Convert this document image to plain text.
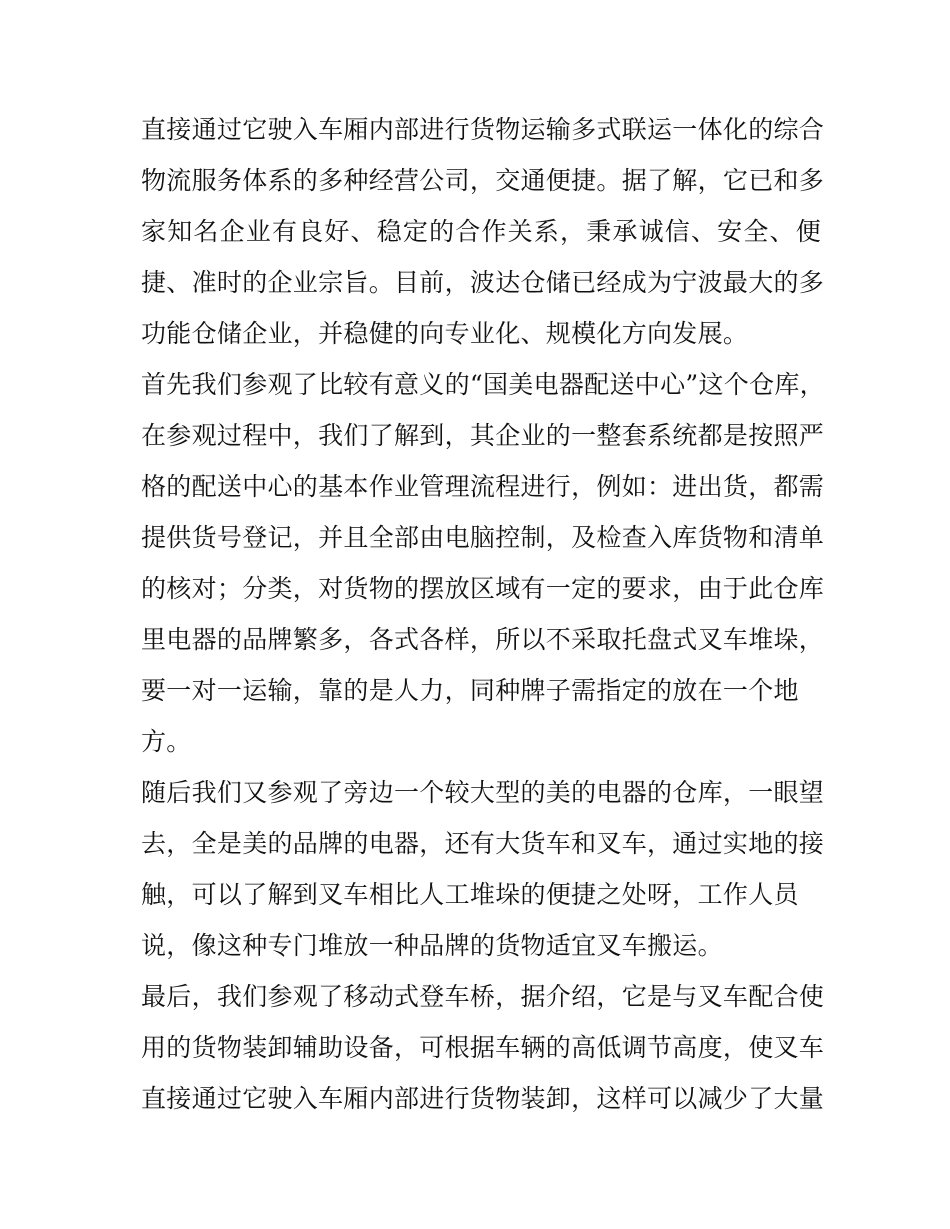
直接通过它驶入车厢内部进行货物运输多式联运一体化的综合
物流服务体系的多种经营公司，交通便捷。据了解，它已和多
家知名企业有良好、稳定的合作关系，秉承诚信、安全、便
捷、准时的企业宗旨。目前，波达仓储已经成为宁波最大的多
功能仓储企业，并稳健的向专业化、规模化方向发展。
首先我们参观了比较有意义的“国美电器配送中心”这个仓库，
在参观过程中，我们了解到，其企业的一整套系统都是按照严
格的配送中心的基本作业管理流程进行，例如：进出货，都需
提供货号登记，并且全部由电脑控制，及检查入库货物和清单
的核对；分类，对货物的摆放区域有一定的要求，由于此仓库
里电器的品牌繁多，各式各样，所以不采取托盘式叉车堆垛，
要一对一运输，靠的是人力，同种牌子需指定的放在一个地
方。
随后我们又参观了旁边一个较大型的美的电器的仓库，一眼望
去，全是美的品牌的电器，还有大货车和叉车，通过实地的接
触，可以了解到叉车相比人工堆垛的便捷之处呀，工作人员
说，像这种专门堆放一种品牌的货物适宜叉车搬运。
最后，我们参观了移动式登车桥，据介绍，它是与叉车配合使
用的货物装卸辅助设备，可根据车辆的高低调节高度，使叉车
直接通过它驶入车厢内部进行货物装卸，这样可以减少了大量
